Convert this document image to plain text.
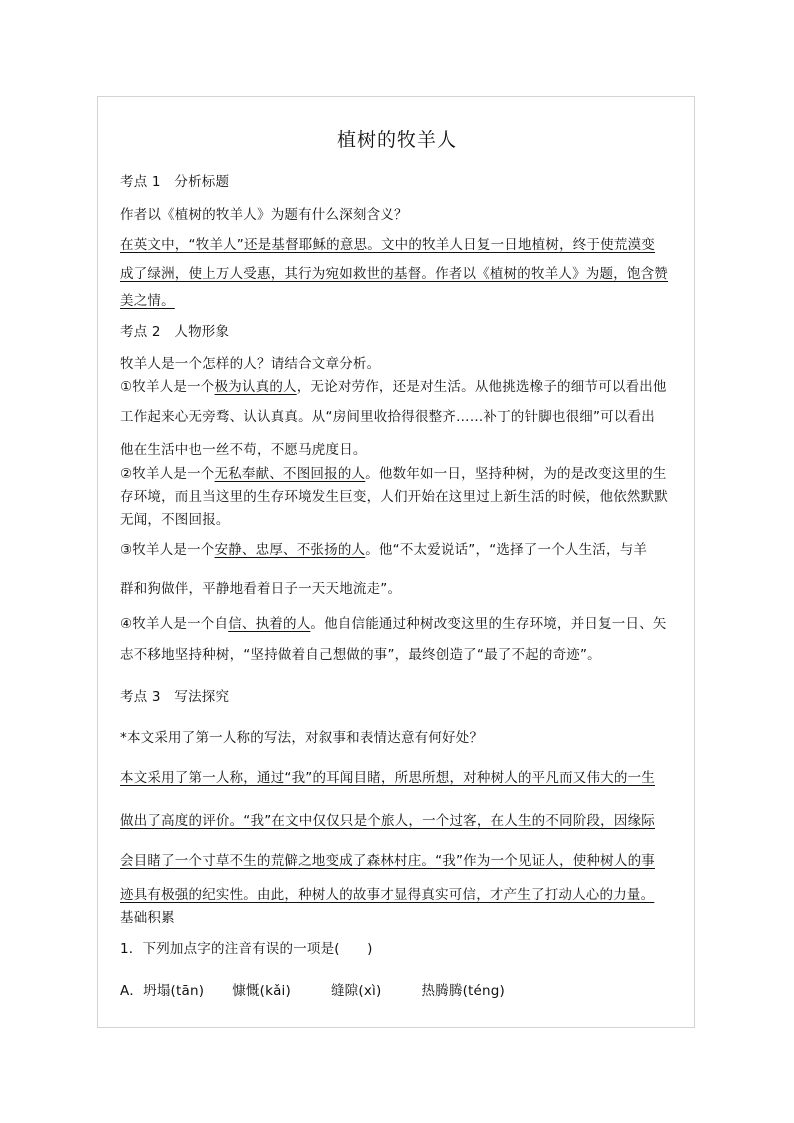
植树的牧羊人
考点 1　分析标题
作者以《植树的牧羊人》为题有什么深刻含义？
在英文中，“牧羊人”还是基督耶稣的意思。文中的牧羊人日复一日地植树，终于使荒漠变
成了绿洲，使上万人受惠，其行为宛如救世的基督。作者以《植树的牧羊人》为题，饱含赞
美之情。
考点 2　人物形象
牧羊人是一个怎样的人？请结合文章分析。
①牧羊人是一个极为认真的人，无论对劳作，还是对生活。从他挑选橡子的细节可以看出他
工作起来心无旁骛、认认真真。从“房间里收拾得很整齐……补丁的针脚也很细”可以看出
他在生活中也一丝不苟，不愿马虎度日。
②牧羊人是一个无私奉献、不图回报的人。他数年如一日，坚持种树，为的是改变这里的生
存环境，而且当这里的生存环境发生巨变，人们开始在这里过上新生活的时候，他依然默默
无闻，不图回报。
③牧羊人是一个安静、忠厚、不张扬的人。他“不太爱说话”，“选择了一个人生活，与羊
群和狗做伴，平静地看着日子一天天地流走”。
④牧羊人是一个自信、执着的人。他自信能通过种树改变这里的生存环境，并日复一日、矢
志不移地坚持种树，“坚持做着自己想做的事”，最终创造了“最了不起的奇迹”。
考点 3　写法探究
*本文采用了第一人称的写法，对叙事和表情达意有何好处？
本文采用了第一人称，通过“我”的耳闻目睹，所思所想，对种树人的平凡而又伟大的一生
做出了高度的评价。“我”在文中仅仅只是个旅人，一个过客，在人生的不同阶段，因缘际
会目睹了一个寸草不生的荒僻之地变成了森林村庄。“我”作为一个见证人，使种树人的事
迹具有极强的纪实性。由此，种树人的故事才显得真实可信，才产生了打动人心的力量。
基础积累
1．下列加点字的注音有误的一项是(　　)
A．坍塌(tān) 慷慨(kǎi)	缝隙(xì)	热腾腾(téng)
